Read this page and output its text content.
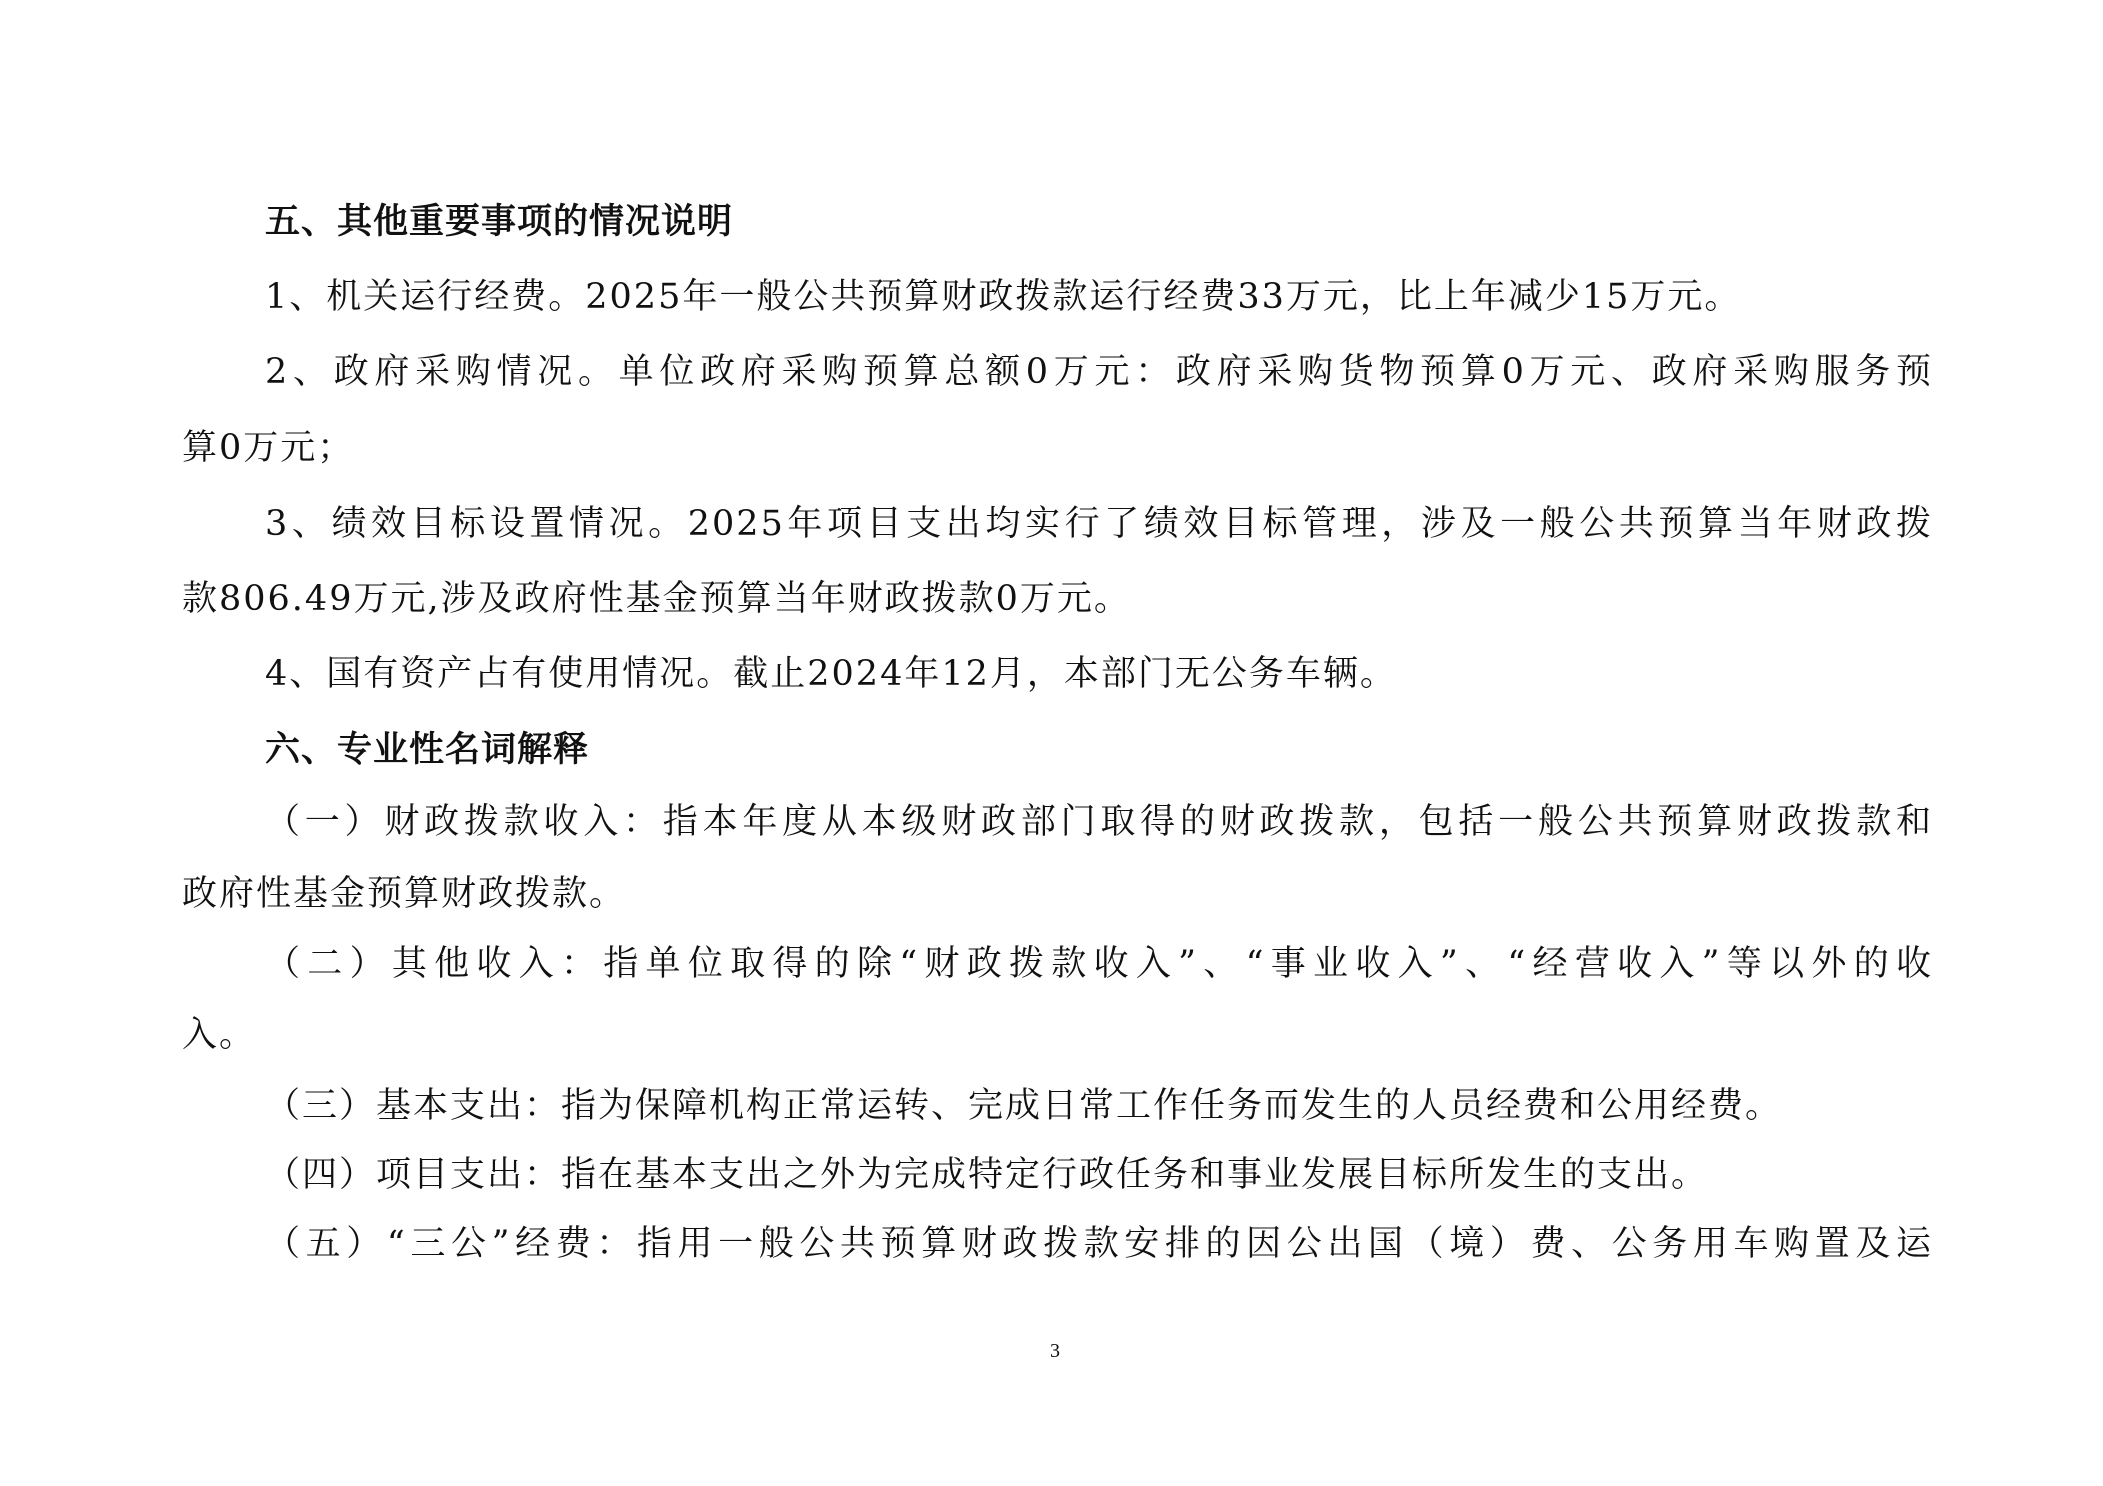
五、其他重要事项的情况说明
1、机关运行经费。2025年一般公共预算财政拨款运行经费33万元，比上年减少15万元。
2、政府采购情况。单位政府采购预算总额0万元：政府采购货物预算0万元、政府采购服务预
算0万元；
3、绩效目标设置情况。2025年项目支出均实行了绩效目标管理，涉及一般公共预算当年财政拨
款806.49万元,涉及政府性基金预算当年财政拨款0万元。
4、国有资产占有使用情况。截止2024年12月，本部门无公务车辆。
六、专业性名词解释
（一）财政拨款收入：指本年度从本级财政部门取得的财政拨款，包括一般公共预算财政拨款和
政府性基金预算财政拨款。
（二）其他收入：指单位取得的除“财政拨款收入”、“事业收入”、“经营收入”等以外的收
入。
（三）基本支出：指为保障机构正常运转、完成日常工作任务而发生的人员经费和公用经费。
（四）项目支出：指在基本支出之外为完成特定行政任务和事业发展目标所发生的支出。
（五）“三公”经费：指用一般公共预算财政拨款安排的因公出国（境）费、公务用车购置及运
3
